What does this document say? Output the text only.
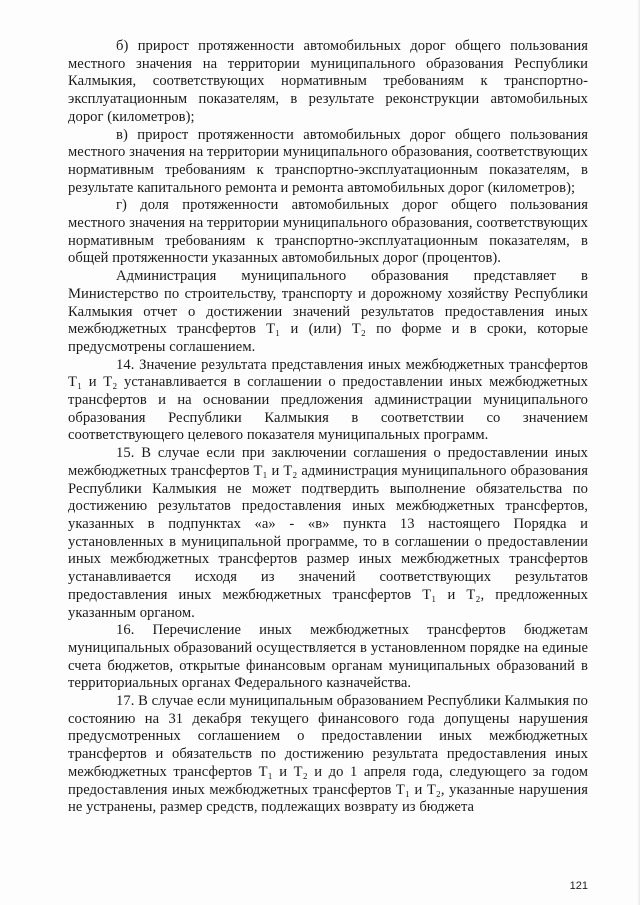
б) прирост протяженности автомобильных дорог общего пользования местного значения на территории муниципального образования Республики Калмыкия, соответствующих нормативным требованиям к транспортно-эксплуатационным показателям, в результате реконструкции автомобильных дорог (километров);

в) прирост протяженности автомобильных дорог общего пользования местного значения на территории муниципального образования, соответствующих нормативным требованиям к транспортно-эксплуатационным показателям, в результате капитального ремонта и ремонта автомобильных дорог (километров);

г) доля протяженности автомобильных дорог общего пользования местного значения на территории муниципального образования, соответствующих нормативным требованиям к транспортно-эксплуатационным показателям, в общей протяженности указанных автомобильных дорог (процентов).

Администрация муниципального образования представляет в Министерство по строительству, транспорту и дорожному хозяйству Республики Калмыкия отчет о достижении значений результатов предоставления иных межбюджетных трансфертов Т₁ и (или) Т₂ по форме и в сроки, которые предусмотрены соглашением.

14. Значение результата представления иных межбюджетных трансфертов Т₁ и Т₂ устанавливается в соглашении о предоставлении иных межбюджетных трансфертов и на основании предложения администрации муниципального образования Республики Калмыкия в соответствии со значением соответствующего целевого показателя муниципальных программ.

15. В случае если при заключении соглашения о предоставлении иных межбюджетных трансфертов Т₁ и Т₂ администрация муниципального образования Республики Калмыкия не может подтвердить выполнение обязательства по достижению результатов предоставления иных межбюджетных трансфертов, указанных в подпунктах «а» - «в» пункта 13 настоящего Порядка и установленных в муниципальной программе, то в соглашении о предоставлении иных межбюджетных трансфертов размер иных межбюджетных трансфертов устанавливается исходя из значений соответствующих результатов предоставления иных межбюджетных трансфертов Т₁ и Т₂, предложенных указанным органом.

16. Перечисление иных межбюджетных трансфертов бюджетам муниципальных образований осуществляется в установленном порядке на единые счета бюджетов, открытые финансовым органам муниципальных образований в территориальных органах Федерального казначейства.

17. В случае если муниципальным образованием Республики Калмыкия по состоянию на 31 декабря текущего финансового года допущены нарушения предусмотренных соглашением о предоставлении иных межбюджетных трансфертов и обязательств по достижению результата предоставления иных межбюджетных трансфертов Т₁ и Т₂ и до 1 апреля года, следующего за годом предоставления иных межбюджетных трансфертов Т₁ и Т₂, указанные нарушения не устранены, размер средств, подлежащих возврату из бюджета

121
